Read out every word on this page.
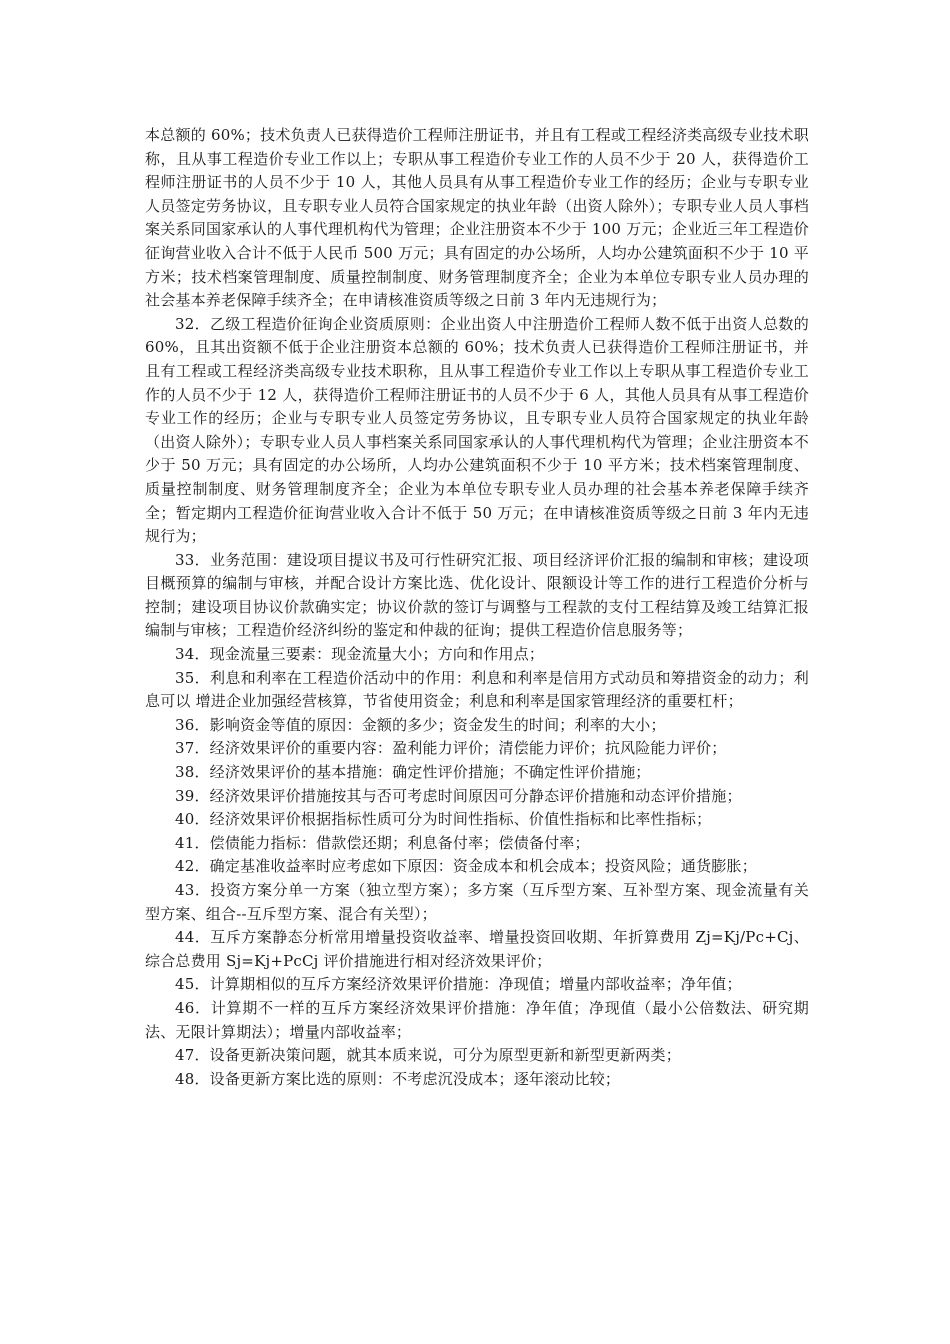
本总额的 60%；技术负责人已获得造价工程师注册证书，并且有工程或工程经济类高级专业技术职称，且从事工程造价专业工作以上；专职从事工程造价专业工作的人员不少于 20 人，获得造价工程师注册证书的人员不少于 10 人，其他人员具有从事工程造价专业工作的经历；企业与专职专业人员签定劳务协议，且专职专业人员符合国家规定的执业年龄（出资人除外）；专职专业人员人事档案关系同国家承认的人事代理机构代为管理；企业注册资本不少于 100 万元；企业近三年工程造价征询营业收入合计不低于人民币 500 万元；具有固定的办公场所，人均办公建筑面积不少于 10 平方米；技术档案管理制度、质量控制制度、财务管理制度齐全；企业为本单位专职专业人员办理的社会基本养老保障手续齐全；在申请核准资质等级之日前 3 年内无违规行为；

32．乙级工程造价征询企业资质原则：企业出资人中注册造价工程师人数不低于出资人总数的 60%，且其出资额不低于企业注册资本总额的 60%；技术负责人已获得造价工程师注册证书，并且有工程或工程经济类高级专业技术职称，且从事工程造价专业工作以上专职从事工程造价专业工作的人员不少于 12 人，获得造价工程师注册证书的人员不少于 6 人，其他人员具有从事工程造价专业工作的经历；企业与专职专业人员签定劳务协议，且专职专业人员符合国家规定的执业年龄（出资人除外）；专职专业人员人事档案关系同国家承认的人事代理机构代为管理；企业注册资本不少于 50 万元；具有固定的办公场所，人均办公建筑面积不少于 10 平方米；技术档案管理制度、质量控制制度、财务管理制度齐全；企业为本单位专职专业人员办理的社会基本养老保障手续齐全；暂定期内工程造价征询营业收入合计不低于 50 万元；在申请核准资质等级之日前 3 年内无违规行为；

33．业务范围：建设项目提议书及可行性研究汇报、项目经济评价汇报的编制和审核；建设项目概预算的编制与审核，并配合设计方案比选、优化设计、限额设计等工作的进行工程造价分析与控制；建设项目协议价款确实定；协议价款的签订与调整与工程款的支付工程结算及竣工结算汇报编制与审核；工程造价经济纠纷的鉴定和仲裁的征询；提供工程造价信息服务等；

34．现金流量三要素：现金流量大小；方向和作用点；

35．利息和利率在工程造价活动中的作用：利息和利率是信用方式动员和筹措资金的动力；利息可以 增进企业加强经营核算，节省使用资金；利息和利率是国家管理经济的重要杠杆；

36．影响资金等值的原因：金额的多少；资金发生的时间；利率的大小；

37．经济效果评价的重要内容：盈利能力评价；清偿能力评价；抗风险能力评价；

38．经济效果评价的基本措施：确定性评价措施；不确定性评价措施；

39．经济效果评价措施按其与否可考虑时间原因可分静态评价措施和动态评价措施；

40．经济效果评价根据指标性质可分为时间性指标、价值性指标和比率性指标；

41．偿债能力指标：借款偿还期；利息备付率；偿债备付率；

42．确定基准收益率时应考虑如下原因：资金成本和机会成本；投资风险；通货膨胀；

43．投资方案分单一方案（独立型方案）；多方案（互斥型方案、互补型方案、现金流量有关型方案、组合--互斥型方案、混合有关型）；

44．互斥方案静态分析常用增量投资收益率、增量投资回收期、年折算费用 Zj=Kj/Pc+Cj、综合总费用 Sj=Kj+PcCj 评价措施进行相对经济效果评价；

45．计算期相似的互斥方案经济效果评价措施：净现值；增量内部收益率；净年值；

46．计算期不一样的互斥方案经济效果评价措施：净年值；净现值（最小公倍数法、研究期法、无限计算期法）；增量内部收益率；

47．设备更新决策问题，就其本质来说，可分为原型更新和新型更新两类；

48．设备更新方案比选的原则：不考虑沉没成本；逐年滚动比较；
